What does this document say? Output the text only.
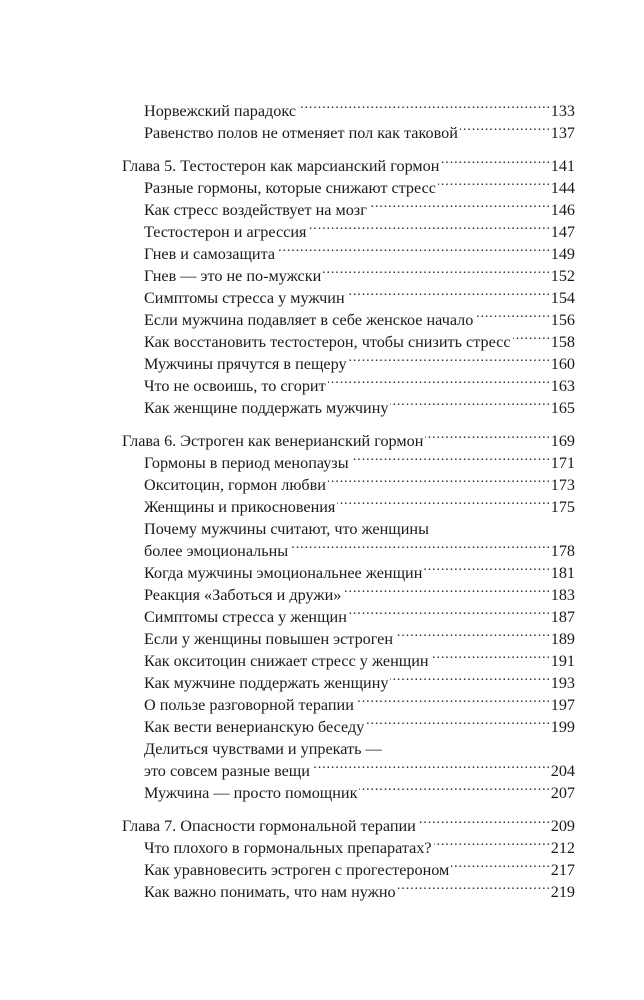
Норвежский парадокс . . .	133
Равенство полов не отменяет пол как таковой . . .	137
Глава 5. Тестостерон как марсианский гормон . . .	141
Разные гормоны, которые снижают стресс . . .	144
Как стресс воздействует на мозг . . .	146
Тестостерон и агрессия . . .	147
Гнев и самозащита . . .	149
Гнев — это не по-мужски . . .	152
Симптомы стресса у мужчин . . .	154
Если мужчина подавляет в себе женское начало . . .	156
Как восстановить тестостерон, чтобы снизить стресс . . . 158
Мужчины прячутся в пещеру . . .	160
Что не освоишь, то сгорит . . .	163
Как женщине поддержать мужчину . . .	165
Глава 6. Эстроген как венерианский гормон . . .	169
Гормоны в период менопаузы . . .	171
Окситоцин, гормон любви . . .	173
Женщины и прикосновения . . .	175
Почему мужчины считают, что женщины
более эмоциональны . . .	178
Когда мужчины эмоциональнее женщин . . .	181
Реакция «Заботься и дружи» . . .	183
Симптомы стресса у женщин . . .	187
Если у женщины повышен эстроген . . .	189
Как окситоцин снижает стресс у женщин . . .	191
Как мужчине поддержать женщину . . .	193
О пользе разговорной терапии . . .	197
Как вести венерианскую беседу . . .	199
Делиться чувствами и упрекать —
это совсем разные вещи . . .	204
Мужчина — просто помощник . . .	207
Глава 7. Опасности гормональной терапии . . .	209
Что плохого в гормональных препаратах? . . .	212
Как уравновесить эстроген с прогестероном . . .	217
Как важно понимать, что нам нужно . . .	219
